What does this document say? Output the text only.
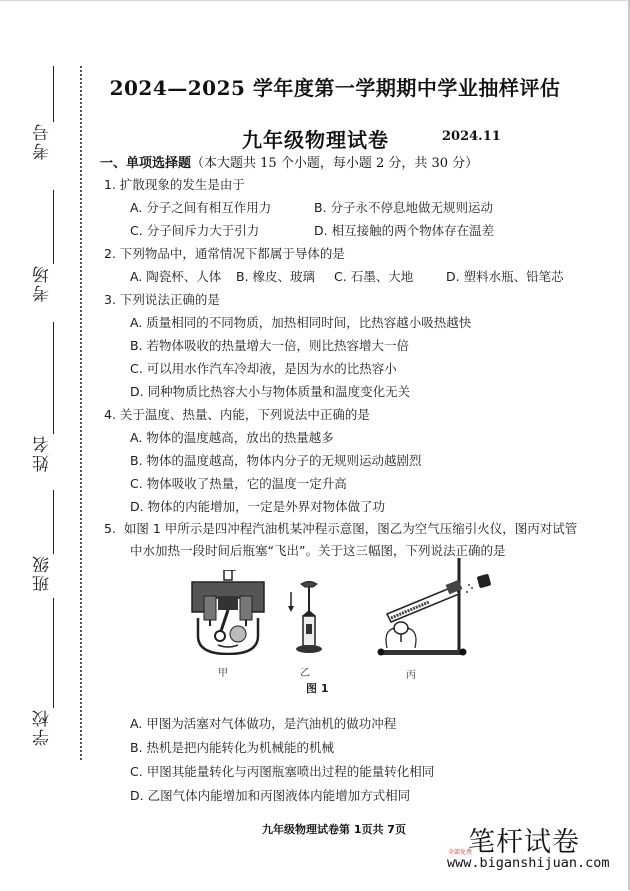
考号
考场
姓名
班级
学校
2024—2025 学年度第一学期期中学业抽样评估
九年级物理试卷	2024.11
一、单项选择题（本大题共 15 个小题，每小题 2 分，共 30 分）
1. 扩散现象的发生是由于
A. 分子之间有相互作用力	B. 分子永不停息地做无规则运动
C. 分子间斥力大于引力	D. 相互接触的两个物体存在温差
2. 下列物品中，通常情况下都属于导体的是
A. 陶瓷杯、人体 B. 橡皮、玻璃 C. 石墨、大地	D. 塑料水瓶、铅笔芯
3. 下列说法正确的是
A. 质量相同的不同物质，加热相同时间，比热容越小吸热越快
B. 若物体吸收的热量增大一倍，则比热容增大一倍
C. 可以用水作汽车冷却液，是因为水的比热容小
D. 同种物质比热容大小与物体质量和温度变化无关
4. 关于温度、热量、内能，下列说法中正确的是
A. 物体的温度越高，放出的热量越多
B. 物体的温度越高，物体内分子的无规则运动越剧烈
C. 物体吸收了热量，它的温度一定升高
D. 物体的内能增加，一定是外界对物体做了功
5. 如图 1 甲所示是四冲程汽油机某冲程示意图，图乙为空气压缩引火仪，图丙对试管
中水加热一段时间后瓶塞“飞出”。关于这三幅图，下列说法正确的是
甲	乙	丙
图 1
A. 甲图为活塞对气体做功，是汽油机的做功冲程
B. 热机是把内能转化为机械能的机械
C. 甲图其能量转化与丙图瓶塞喷出过程的能量转化相同
D. 乙图气体内能增加和丙图液体内能增加方式相同
九年级物理试卷第 1页共 7页 笔杆试卷
全部免费
www.biganshijuan.com
